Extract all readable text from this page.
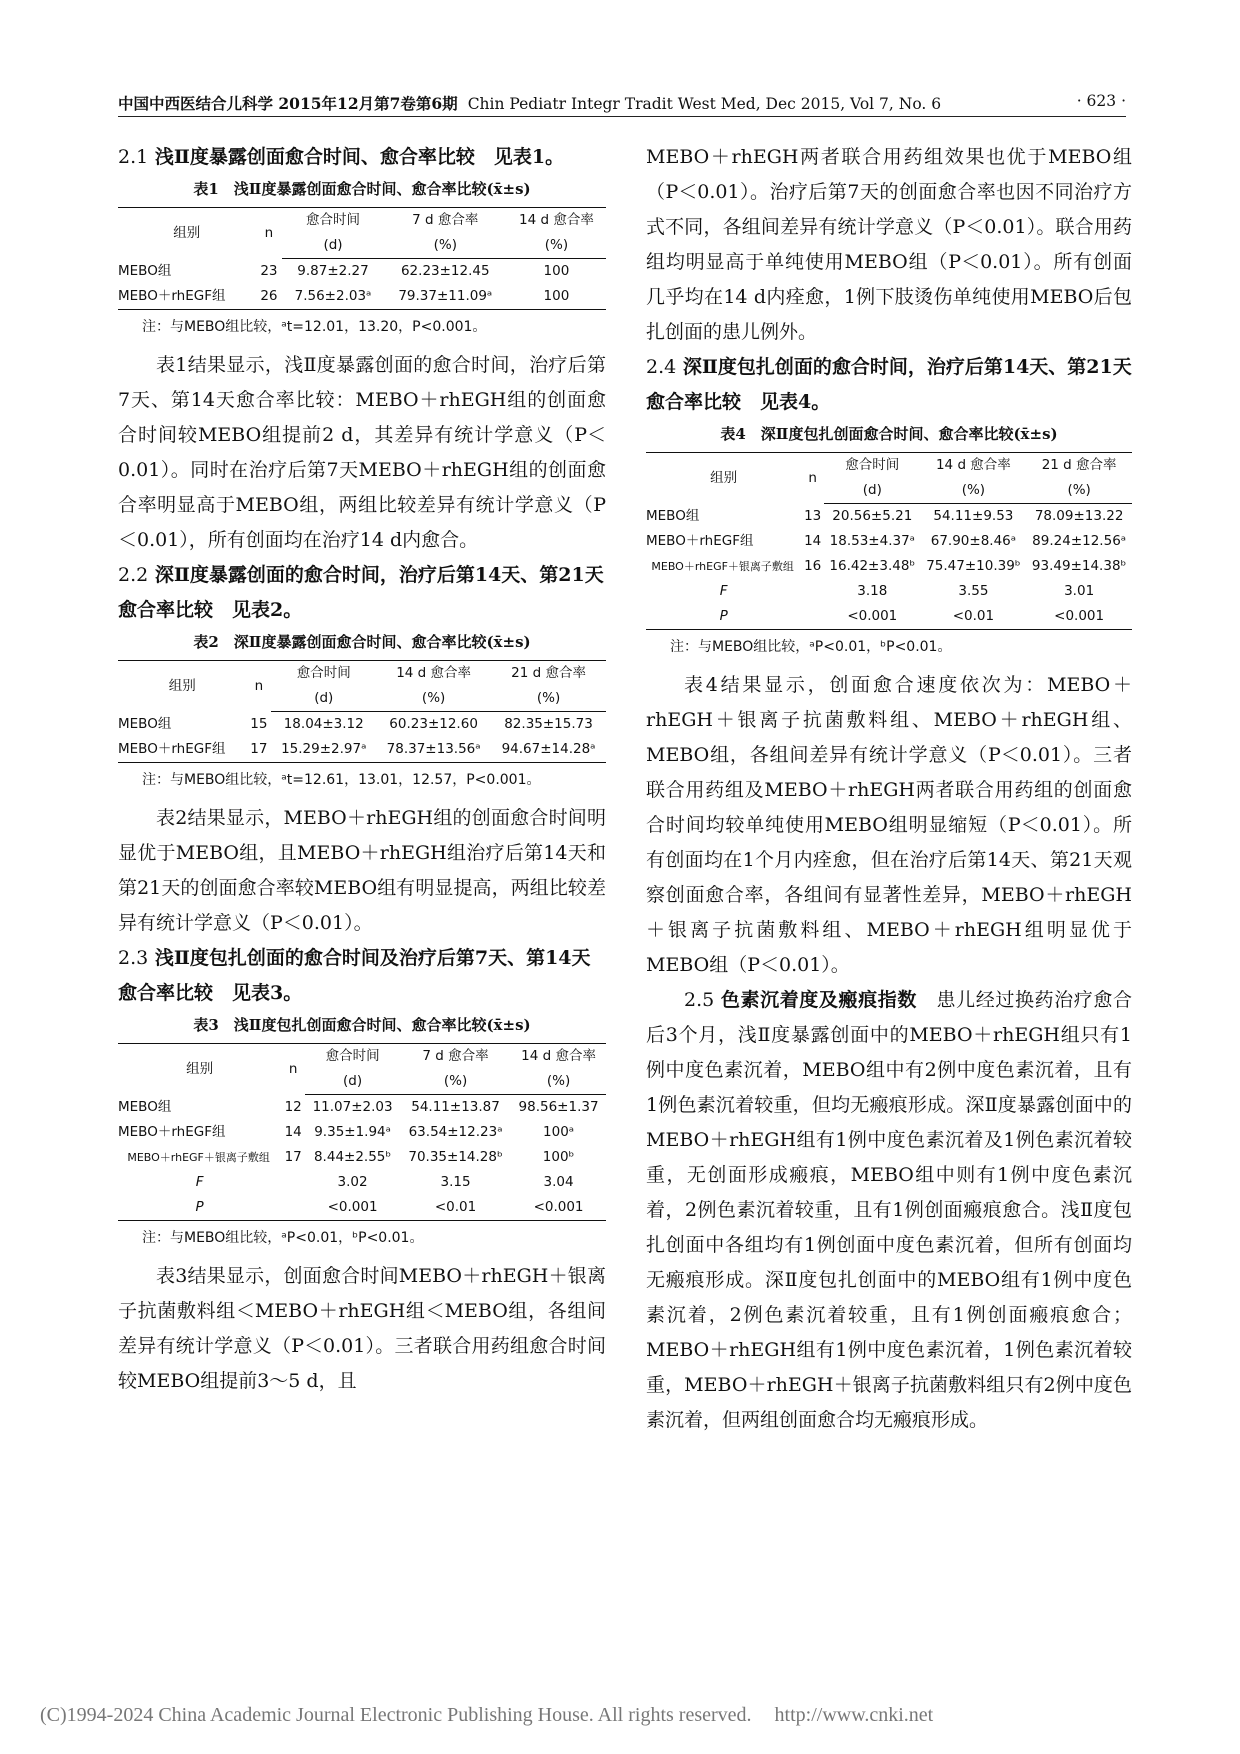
中国中西医结合儿科学 2015年12月第7卷第6期 Chin Pediatr Integr Tradit West Med, Dec 2015, Vol 7, No. 6	· 623 ·
2.1 浅Ⅱ度暴露创面愈合时间、愈合率比较　见表1。
表1　浅Ⅱ度暴露创面愈合时间、愈合率比较(x̄±s)
组别	n	愈合时间	7 d 愈合率	14 d 愈合率
		(d)	(%)	(%)
MEBO组	23	9.87±2.27	62.23±12.45	100
MEBO＋rhEGF组	26	7.56±2.03ᵃ	79.37±11.09ᵃ	100
注：与MEBO组比较，ᵃt=12.01，13.20，P<0.001。

表1结果显示，浅Ⅱ度暴露创面的愈合时间，治疗后第7天、第14天愈合率比较：MEBO＋rhEGH组的创面愈合时间较MEBO组提前2 d，其差异有统计学意义（P＜0.01）。同时在治疗后第7天MEBO＋rhEGH组的创面愈合率明显高于MEBO组，两组比较差异有统计学意义（P＜0.01），所有创面均在治疗14 d内愈合。

2.2 深Ⅱ度暴露创面的愈合时间，治疗后第14天、第21天愈合率比较　见表2。
表2　深Ⅱ度暴露创面愈合时间、愈合率比较(x̄±s)
组别	n	愈合时间	14 d 愈合率	21 d 愈合率
		(d)	(%)	(%)
MEBO组	15	18.04±3.12	60.23±12.60	82.35±15.73
MEBO＋rhEGF组	17	15.29±2.97ᵃ	78.37±13.56ᵃ	94.67±14.28ᵃ
注：与MEBO组比较，ᵃt=12.61，13.01，12.57，P<0.001。

表2结果显示，MEBO＋rhEGH组的创面愈合时间明显优于MEBO组，且MEBO＋rhEGH组治疗后第14天和第21天的创面愈合率较MEBO组有明显提高，两组比较差异有统计学意义（P＜0.01）。

2.3 浅Ⅱ度包扎创面的愈合时间及治疗后第7天、第14天愈合率比较　见表3。
表3　浅Ⅱ度包扎创面愈合时间、愈合率比较(x̄±s)
组别	n	愈合时间	7 d 愈合率	14 d 愈合率
		(d)	(%)	(%)
MEBO组	12	11.07±2.03	54.11±13.87	98.56±1.37
MEBO＋rhEGF组	14	9.35±1.94ᵃ	63.54±12.23ᵃ	100ᵃ
MEBO＋rhEGF＋银离子敷组	17	8.44±2.55ᵇ	70.35±14.28ᵇ	100ᵇ
F		3.02	3.15	3.04
P		<0.001	<0.01	<0.001
注：与MEBO组比较，ᵃP<0.01，ᵇP<0.01。

表3结果显示，创面愈合时间MEBO＋rhEGH＋银离子抗菌敷料组＜MEBO＋rhEGH组＜MEBO组，各组间差异有统计学意义（P＜0.01）。三者联合用药组愈合时间较MEBO组提前3～5 d，且

MEBO＋rhEGH两者联合用药组效果也优于MEBO组（P＜0.01）。治疗后第7天的创面愈合率也因不同治疗方式不同，各组间差异有统计学意义（P＜0.01）。联合用药组均明显高于单纯使用MEBO组（P＜0.01）。所有创面几乎均在14 d内痊愈，1例下肢烫伤单纯使用MEBO后包扎创面的患儿例外。

2.4 深Ⅱ度包扎创面的愈合时间，治疗后第14天、第21天愈合率比较　见表4。
表4　深Ⅱ度包扎创面愈合时间、愈合率比较(x̄±s)
组别	n	愈合时间	14 d 愈合率	21 d 愈合率
		(d)	(%)	(%)
MEBO组	13	20.56±5.21	54.11±9.53	78.09±13.22
MEBO＋rhEGF组	14	18.53±4.37ᵃ	67.90±8.46ᵃ	89.24±12.56ᵃ
MEBO＋rhEGF＋银离子敷组	16	16.42±3.48ᵇ	75.47±10.39ᵇ	93.49±14.38ᵇ
F		3.18	3.55	3.01
P		<0.001	<0.01	<0.001
注：与MEBO组比较，ᵃP<0.01，ᵇP<0.01。

表4结果显示，创面愈合速度依次为：MEBO＋rhEGH＋银离子抗菌敷料组、MEBO＋rhEGH组、MEBO组，各组间差异有统计学意义（P＜0.01）。三者联合用药组及MEBO＋rhEGH两者联合用药组的创面愈合时间均较单纯使用MEBO组明显缩短（P＜0.01）。所有创面均在1个月内痊愈，但在治疗后第14天、第21天观察创面愈合率，各组间有显著性差异，MEBO＋rhEGH＋银离子抗菌敷料组、MEBO＋rhEGH组明显优于MEBO组（P＜0.01）。

2.5 色素沉着度及瘢痕指数　 患儿经过换药治疗愈合后3个月，浅Ⅱ度暴露创面中的MEBO＋rhEGH组只有1例中度色素沉着，MEBO组中有2例中度色素沉着，且有1例色素沉着较重，但均无瘢痕形成。深Ⅱ度暴露创面中的MEBO＋rhEGH组有1例中度色素沉着及1例色素沉着较重，无创面形成瘢痕，MEBO组中则有1例中度色素沉着，2例色素沉着较重，且有1例创面瘢痕愈合。浅Ⅱ度包扎创面中各组均有1例创面中度色素沉着，但所有创面均无瘢痕形成。深Ⅱ度包扎创面中的MEBO组有1例中度色素沉着，2例色素沉着较重，且有1例创面瘢痕愈合；MEBO＋rhEGH组有1例中度色素沉着，1例色素沉着较重，MEBO＋rhEGH＋银离子抗菌敷料组只有2例中度色素沉着，但两组创面愈合均无瘢痕形成。

(C)1994-2024 China Academic Journal Electronic Publishing House. All rights reserved. http://www.cnki.net
